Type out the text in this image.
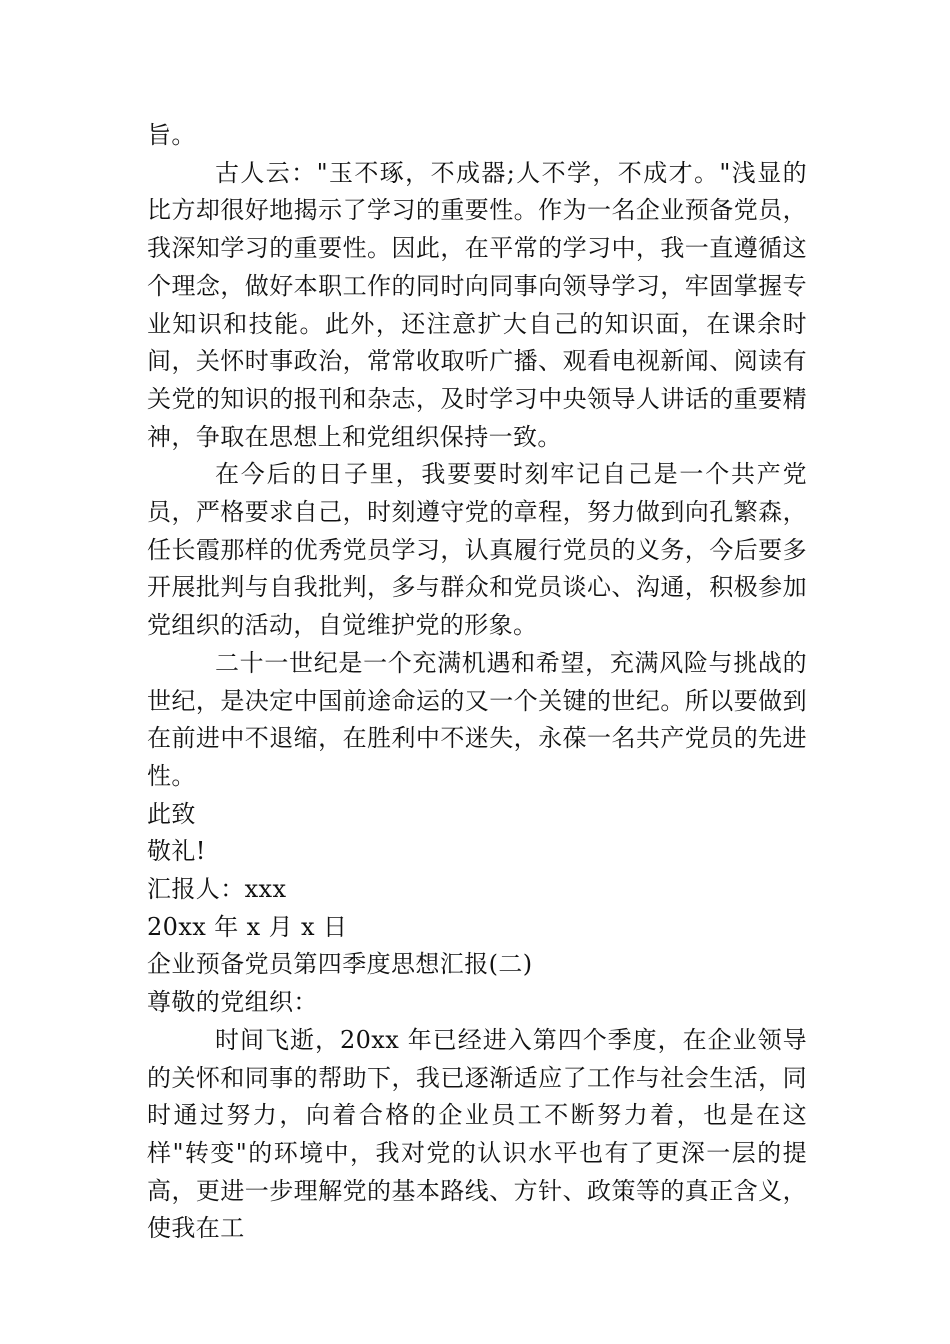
旨。

古人云："玉不琢，不成器;人不学，不成才。"浅显的比方却很好地揭示了学习的重要性。作为一名企业预备党员，我深知学习的重要性。因此，在平常的学习中，我一直遵循这个理念，做好本职工作的同时向同事向领导学习，牢固掌握专业知识和技能。此外，还注意扩大自己的知识面，在课余时间，关怀时事政治，常常收取听广播、观看电视新闻、阅读有关党的知识的报刊和杂志，及时学习中央领导人讲话的重要精神，争取在思想上和党组织保持一致。

在今后的日子里，我要要时刻牢记自己是一个共产党员，严格要求自己，时刻遵守党的章程，努力做到向孔繁森，任长霞那样的优秀党员学习，认真履行党员的义务，今后要多开展批判与自我批判，多与群众和党员谈心、沟通，积极参加党组织的活动，自觉维护党的形象。

二十一世纪是一个充满机遇和希望，充满风险与挑战的世纪，是决定中国前途命运的又一个关键的世纪。所以要做到在前进中不退缩，在胜利中不迷失，永葆一名共产党员的先进性。

此致

敬礼!

汇报人：xxx

20xx 年 x 月 x 日

企业预备党员第四季度思想汇报(二)

尊敬的党组织：

时间飞逝，20xx 年已经进入第四个季度，在企业领导的关怀和同事的帮助下，我已逐渐适应了工作与社会生活，同时通过努力，向着合格的企业员工不断努力着，也是在这样"转变"的环境中，我对党的认识水平也有了更深一层的提高，更进一步理解党的基本路线、方针、政策等的真正含义，使我在工
